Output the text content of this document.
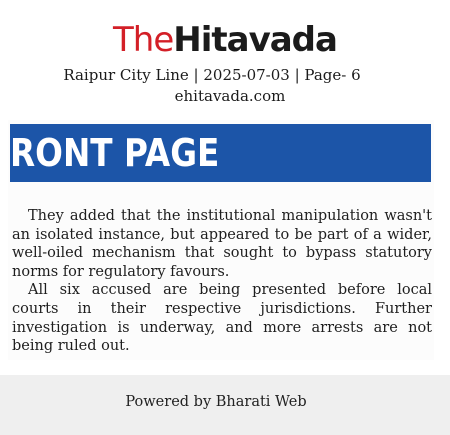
TheHitavada
Raipur City Line | 2025-07-03 | Page- 6
ehitavada.com
RONT PAGE

They added that the institutional manipulation wasn't an isolated instance, but appeared to be part of a wider, well-oiled mechanism that sought to bypass statutory norms for regulatory favours.

All six accused are being presented before local courts in their respective jurisdictions. Further investigation is underway, and more arrests are not being ruled out.

Powered by Bharati Web
